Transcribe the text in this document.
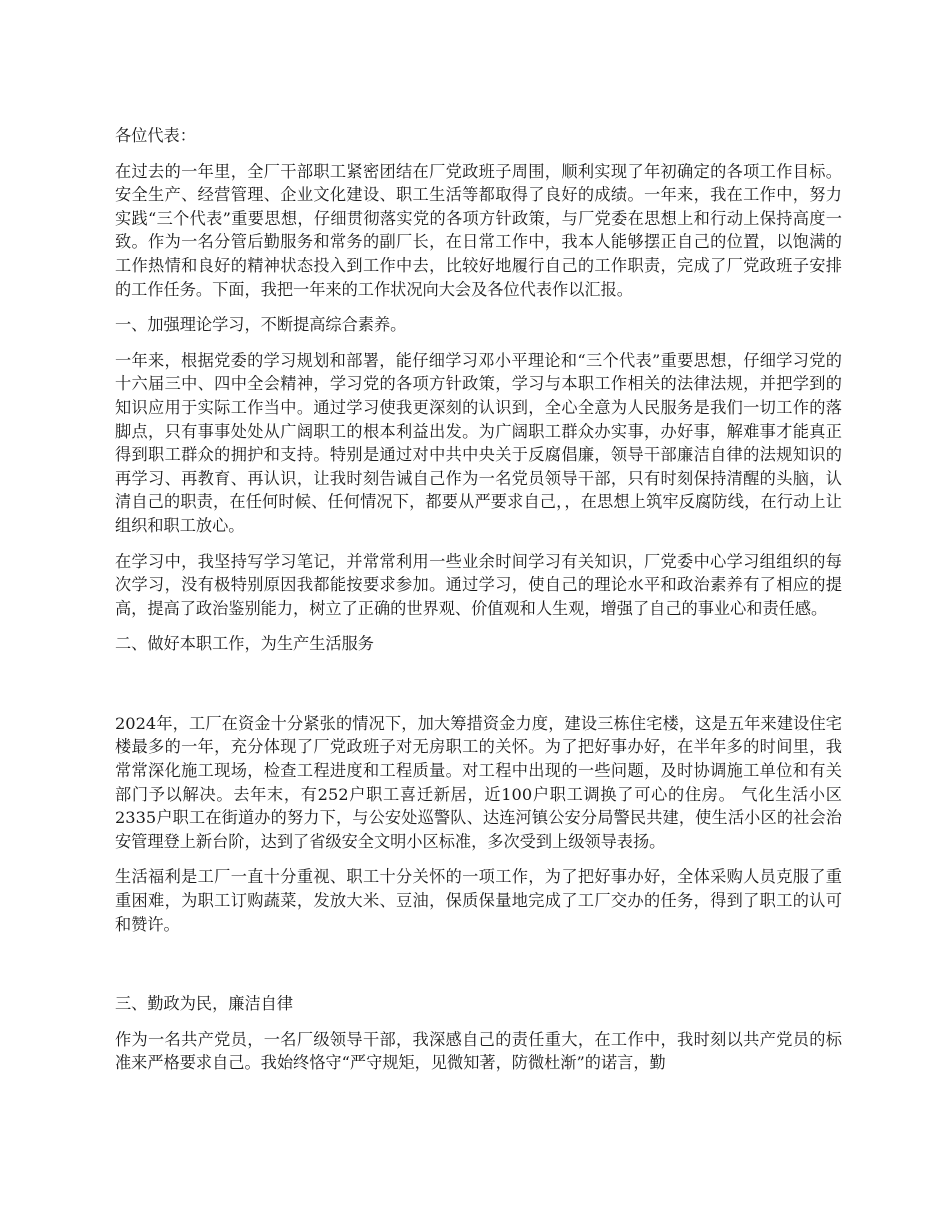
各位代表：

在过去的一年里，全厂干部职工紧密团结在厂党政班子周围，顺利实现了年初确定的各项工作目标。安全生产、经营管理、企业文化建设、职工生活等都取得了良好的成绩。一年来，我在工作中，努力实践“三个代表”重要思想，仔细贯彻落实党的各项方针政策，与厂党委在思想上和行动上保持高度一致。作为一名分管后勤服务和常务的副厂长，在日常工作中，我本人能够摆正自己的位置，以饱满的工作热情和良好的精神状态投入到工作中去，比较好地履行自己的工作职责，完成了厂党政班子安排的工作任务。下面，我把一年来的工作状况向大会及各位代表作以汇报。

一、加强理论学习，不断提高综合素养。

一年来，根据党委的学习规划和部署，能仔细学习邓小平理论和“三个代表”重要思想，仔细学习党的十六届三中、四中全会精神，学习党的各项方针政策，学习与本职工作相关的法律法规，并把学到的知识应用于实际工作当中。通过学习使我更深刻的认识到，全心全意为人民服务是我们一切工作的落脚点，只有事事处处从广阔职工的根本利益出发。为广阔职工群众办实事，办好事，解难事才能真正得到职工群众的拥护和支持。特别是通过对中共中央关于反腐倡廉，领导干部廉洁自律的法规知识的再学习、再教育、再认识，让我时刻告诫自己作为一名党员领导干部，只有时刻保持清醒的头脑，认清自己的职责，在任何时候、任何情况下，都要从严要求自己，，在思想上筑牢反腐防线，在行动上让组织和职工放心。

在学习中，我坚持写学习笔记，并常常利用一些业余时间学习有关知识，厂党委中心学习组组织的每次学习，没有极特别原因我都能按要求参加。通过学习，使自己的理论水平和政治素养有了相应的提高，提高了政治鉴别能力，树立了正确的世界观、价值观和人生观，增强了自己的事业心和责任感。

二、做好本职工作，为生产生活服务

2024年，工厂在资金十分紧张的情况下，加大筹措资金力度，建设三栋住宅楼，这是五年来建设住宅楼最多的一年，充分体现了厂党政班子对无房职工的关怀。为了把好事办好，在半年多的时间里，我常常深化施工现场，检查工程进度和工程质量。对工程中出现的一些问题，及时协调施工单位和有关部门予以解决。去年末，有252户职工喜迁新居，近100户职工调换了可心的住房。 气化生活小区2335户职工在街道办的努力下，与公安处巡警队、达连河镇公安分局警民共建，使生活小区的社会治安管理登上新台阶，达到了省级安全文明小区标准，多次受到上级领导表扬。

生活福利是工厂一直十分重视、职工十分关怀的一项工作，为了把好事办好，全体采购人员克服了重重困难，为职工订购蔬菜，发放大米、豆油，保质保量地完成了工厂交办的任务，得到了职工的认可和赞许。

三、勤政为民，廉洁自律

作为一名共产党员，一名厂级领导干部，我深感自己的责任重大，在工作中，我时刻以共产党员的标准来严格要求自己。我始终恪守“严守规矩，见微知著，防微杜渐”的诺言，勤
